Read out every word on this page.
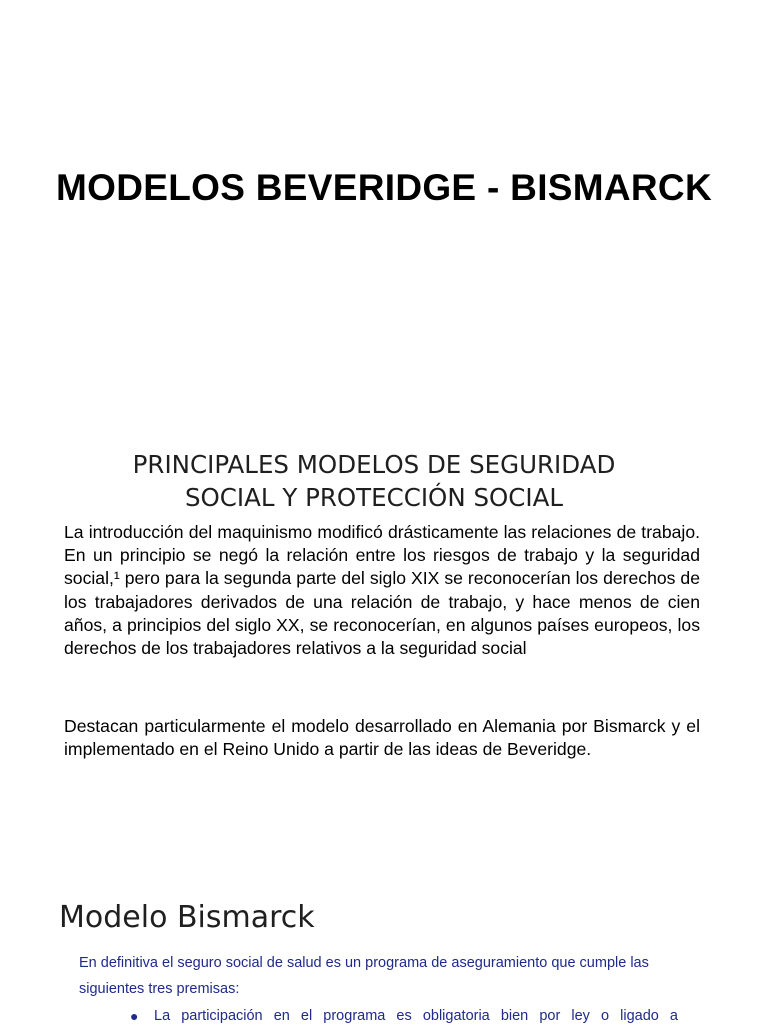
MODELOS BEVERIDGE - BISMARCK
PRINCIPALES MODELOS DE SEGURIDAD SOCIAL Y PROTECCIÓN SOCIAL

La introducción del maquinismo modificó drásticamente las relaciones de trabajo. En un principio se negó la relación entre los riesgos de trabajo y la seguridad social,¹ pero para la segunda parte del siglo XIX se reconocerían los derechos de los trabajadores derivados de una relación de trabajo, y hace menos de cien años, a principios del siglo XX, se reconocerían, en algunos países europeos, los derechos de los trabajadores relativos a la seguridad social

Destacan particularmente el modelo desarrollado en Alemania por Bismarck y el implementado en el Reino Unido a partir de las ideas de Beveridge.

Modelo Bismarck

En definitiva el seguro social de salud es un programa de aseguramiento que cumple las siguientes tres premisas:

● La participación en el programa es obligatoria bien por ley o ligado a
